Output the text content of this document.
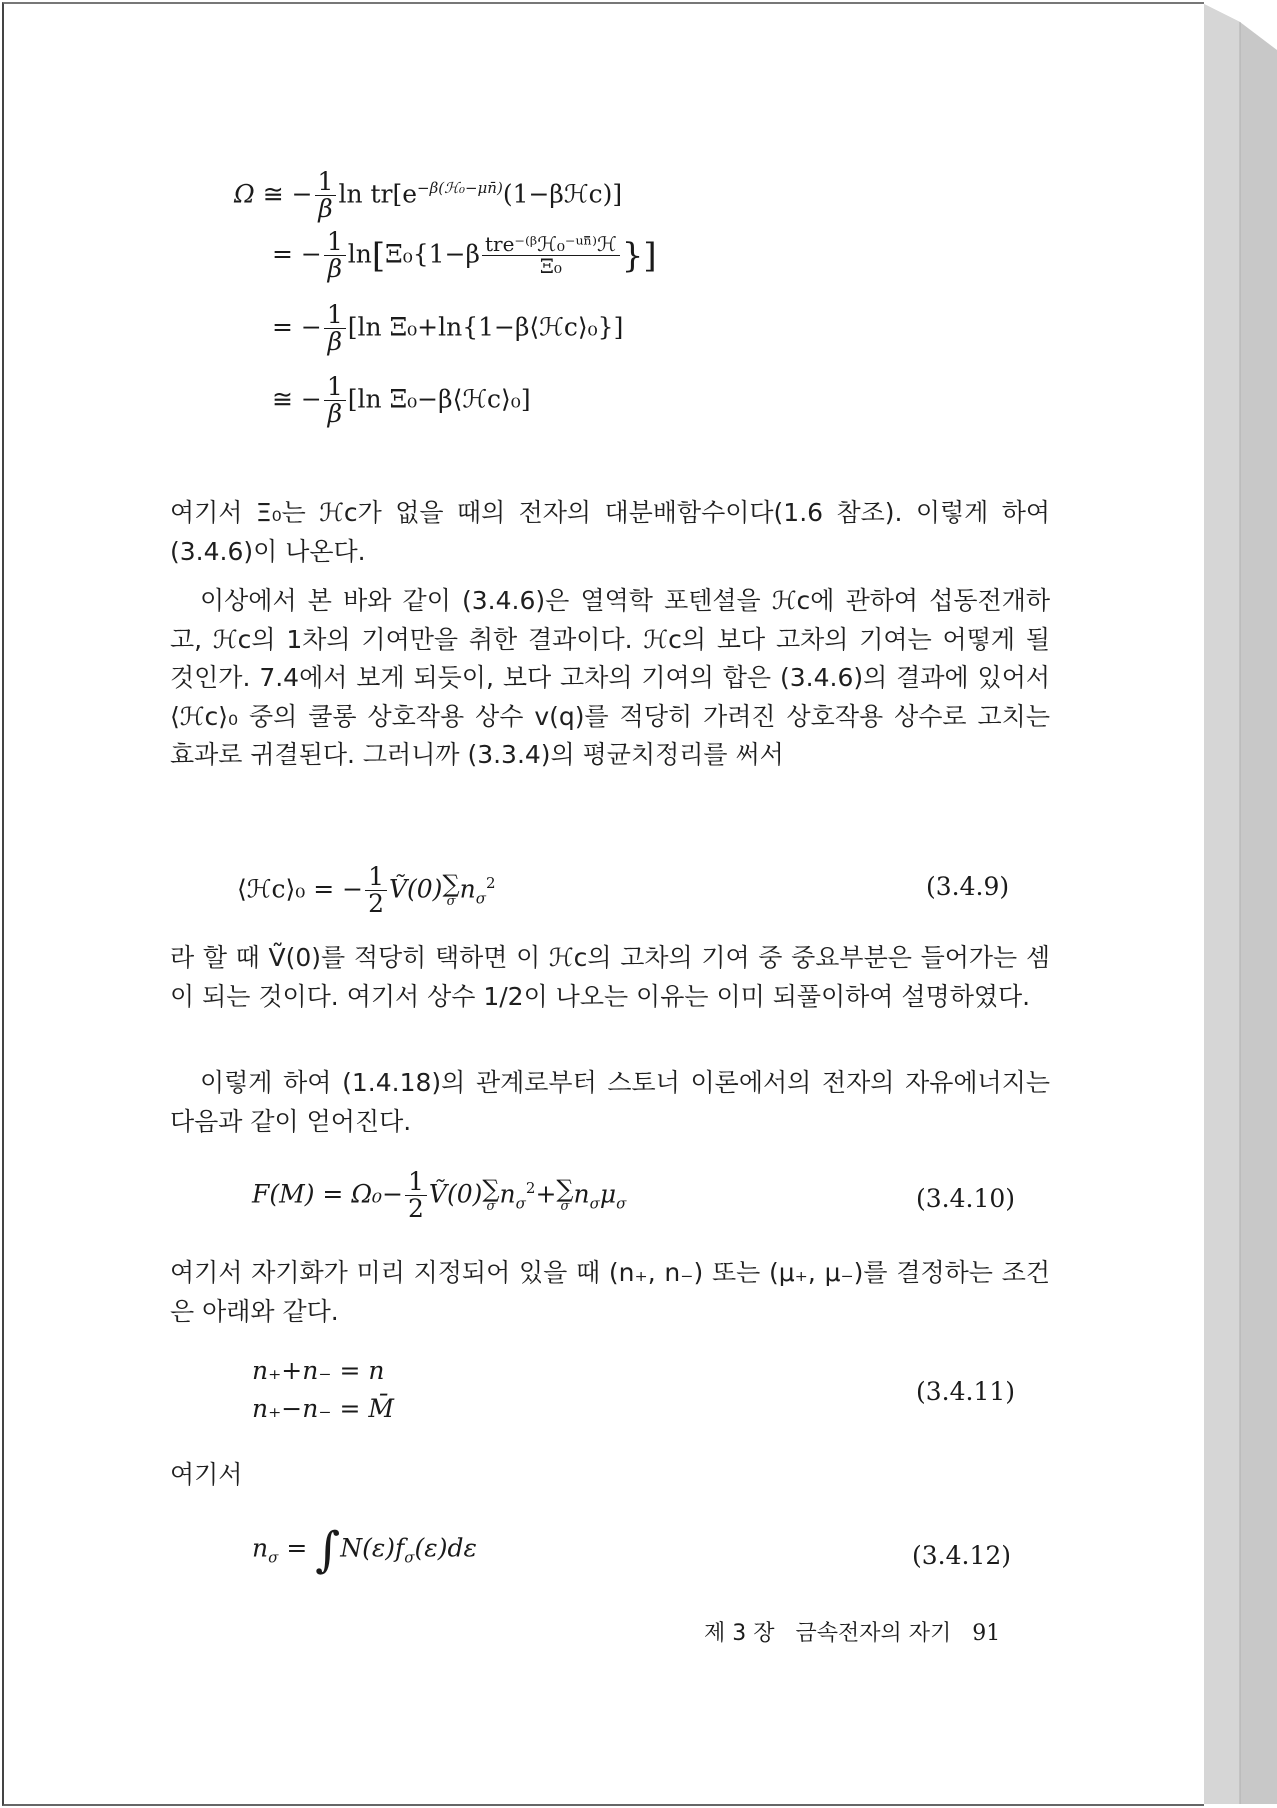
Ω ≅ − $\frac{1}{\beta}$ $\ln tr[e^{-\beta(ℋ_0-\mu n̄)}(1-\beta ℋc)]$
= − $\frac{1}{\beta} \ln[\Xi_0\{1-\beta \frac{\text{tre⁻⁽ᵝℋ₀⁻ᵘⁿ̄⁾ℋ}}{\text{Ξ₀}}$ }]
= − $\frac{1}{\beta} [\ln$ Ξ₀+ln{1−β⟨ℋc⟩₀}]
≅ − $\frac{1}{\beta} [\ln$ Ξ₀−β⟨ℋc⟩₀]

여기서 Ξ₀는 ℋc가 없을 때의 전자의 대분배함수이다(1.6 참조). 이렇게 하여 (3.4.6)이 나온다.

이상에서 본 바와 같이 (3.4.6)은 열역학 포텐셜을 ℋc에 관하여 섭동전개하고, ℋc의 1차의 기여만을 취한 결과이다. ℋc의 보다 고차의 기여는 어떻게 될 것인가. 7.4에서 보게 되듯이, 보다 고차의 기여의 합은 (3.4.6)의 결과에 있어서 ⟨ℋc⟩₀ 중의 쿨롱 상호작용 상수 v(q)를 적당히 가려진 상호작용 상수로 고치는 효과로 귀결된다. 그러니까 (3.3.4)의 평균치정리를 써서

⟨ℋc⟩₀ = − $\frac{1}{2}$ Ṽ(0) ∑
σ $n_\sigma^2$	(3.4.9)

라 할 때 Ṽ(0)를 적당히 택하면 이 ℋc의 고차의 기여 중 중요부분은 들어가는 셈이 되는 것이다. 여기서 상수 1/2이 나오는 이유는 이미 되풀이하여 설명하였다.

이렇게 하여 (1.4.18)의 관계로부터 스토너 이론에서의 전자의 자유에너지는 다음과 같이 얻어진다.

$F(M) = \Omega_0- \frac{1}{2}$ Ṽ(0) ∑
σ $n_\sigma^2+$ ∑
σ $n_\sigma\mu_\sigma$	(3.4.10)

여기서 자기화가 미리 지정되어 있을 때 (n₊, n₋) 또는 (μ₊, μ₋)를 결정하는 조건은 아래와 같다.

n₊+n₋ = n
n₊−n₋ = M̄
(3.4.11)

여기서

$n_\sigma = \int N(\varepsilon)f_\sigma(\varepsilon)d\varepsilon$	(3.4.12)
제 3 장 금속전자의 자기 91
